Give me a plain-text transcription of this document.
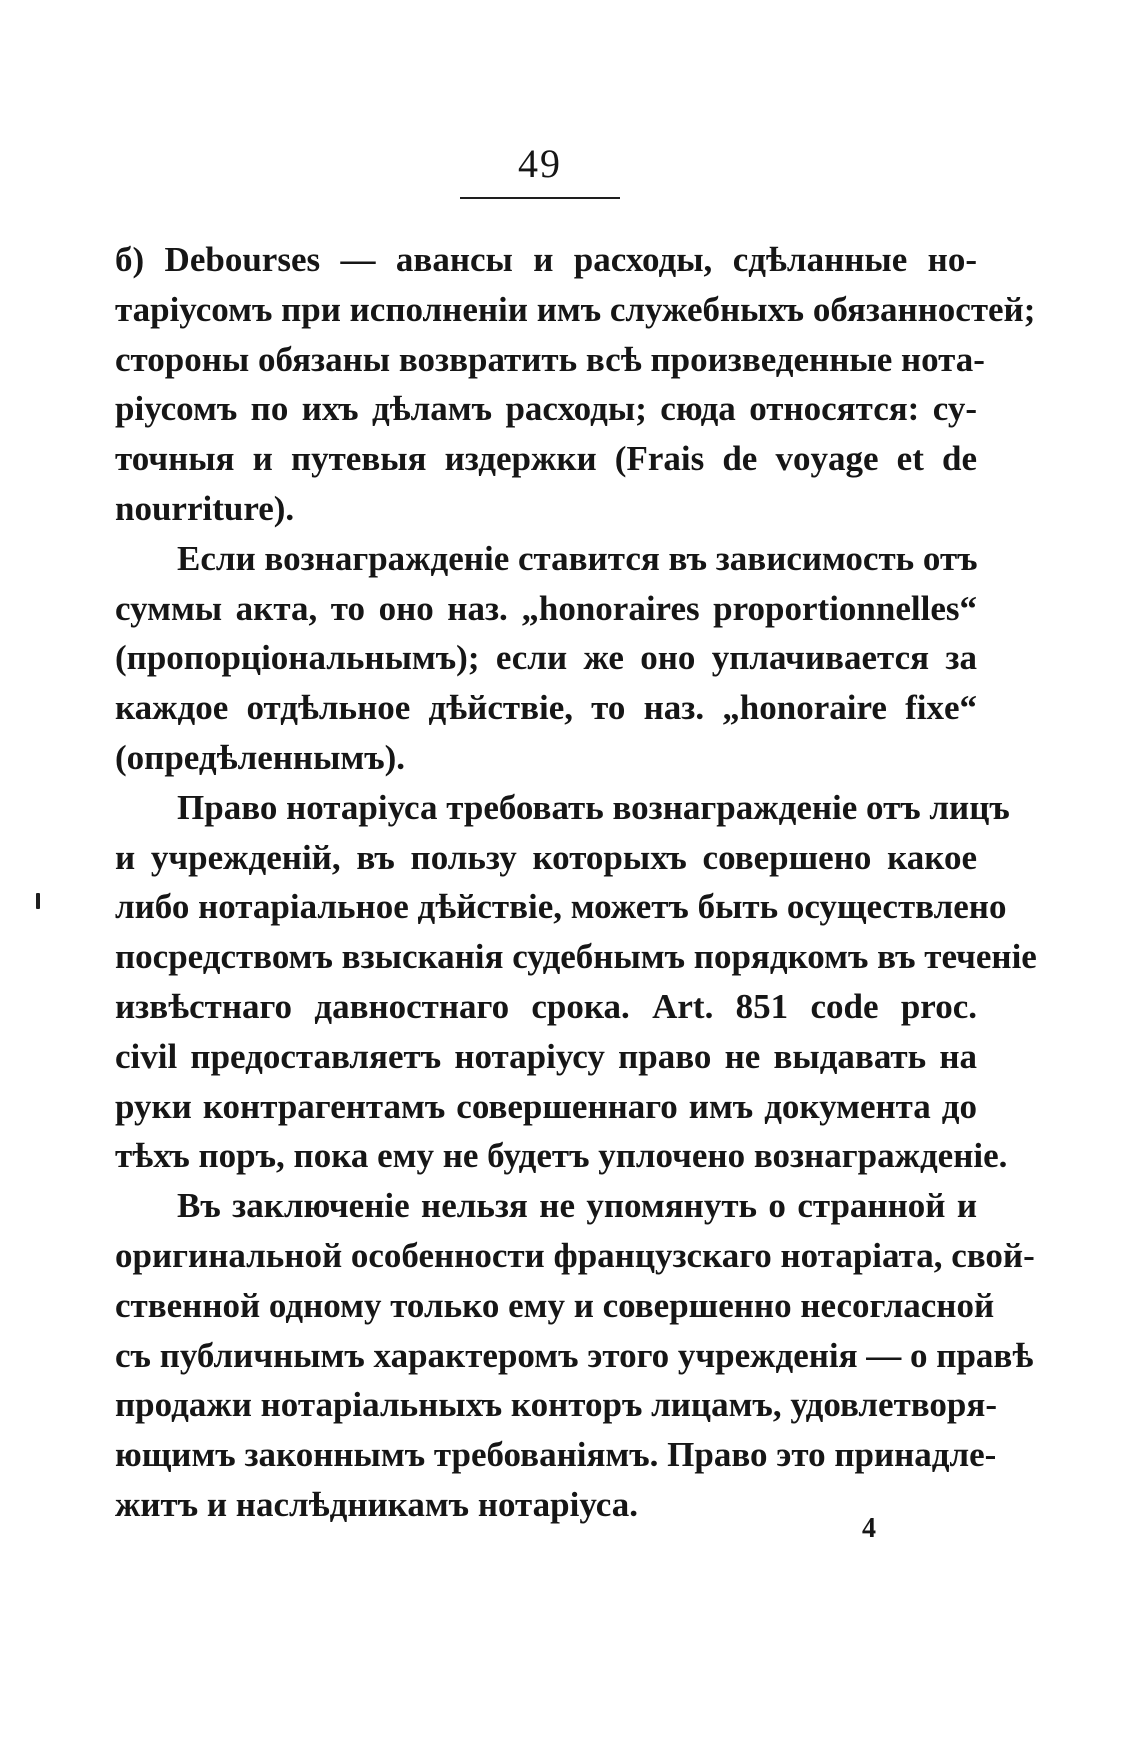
49
б) Debourses — авансы и расходы, сдѣланные но-
таріусомъ при исполненіи имъ служебныхъ обязанностей;
стороны обязаны возвратить всѣ произведенные нота-
ріусомъ по ихъ дѣламъ расходы; сюда относятся: су-
точныя и путевыя издержки (Frais de voyage et de
nourriture).
Если вознагражденіе ставится въ зависимость отъ
суммы акта, то оно наз. „honoraires proportionnelles“
(пропорціональнымъ); если же оно уплачивается за
каждое отдѣльное дѣйствіе, то наз. „honoraire fixe“
(опредѣленнымъ).
Право нотаріуса требовать вознагражденіе отъ лицъ
и учрежденій, въ пользу которыхъ совершено какое
либо нотаріальное дѣйствіе, можетъ быть осуществлено
посредствомъ взысканія судебнымъ порядкомъ въ теченіе
извѣстнаго давностнаго срока. Art. 851 code proc.
civil предоставляетъ нотаріусу право не выдавать на
руки контрагентамъ совершеннаго имъ документа до
тѣхъ поръ, пока ему не будетъ уплочено вознагражденіе.
Въ заключеніе нельзя не упомянуть о странной и
оригинальной особенности французскаго нотаріата, свой-
ственной одному только ему и совершенно несогласной
съ публичнымъ характеромъ этого учрежденія — о правѣ
продажи нотаріальныхъ конторъ лицамъ, удовлетворя-
ющимъ законнымъ требованіямъ. Право это принадле-
житъ и наслѣдникамъ нотаріуса.
4
